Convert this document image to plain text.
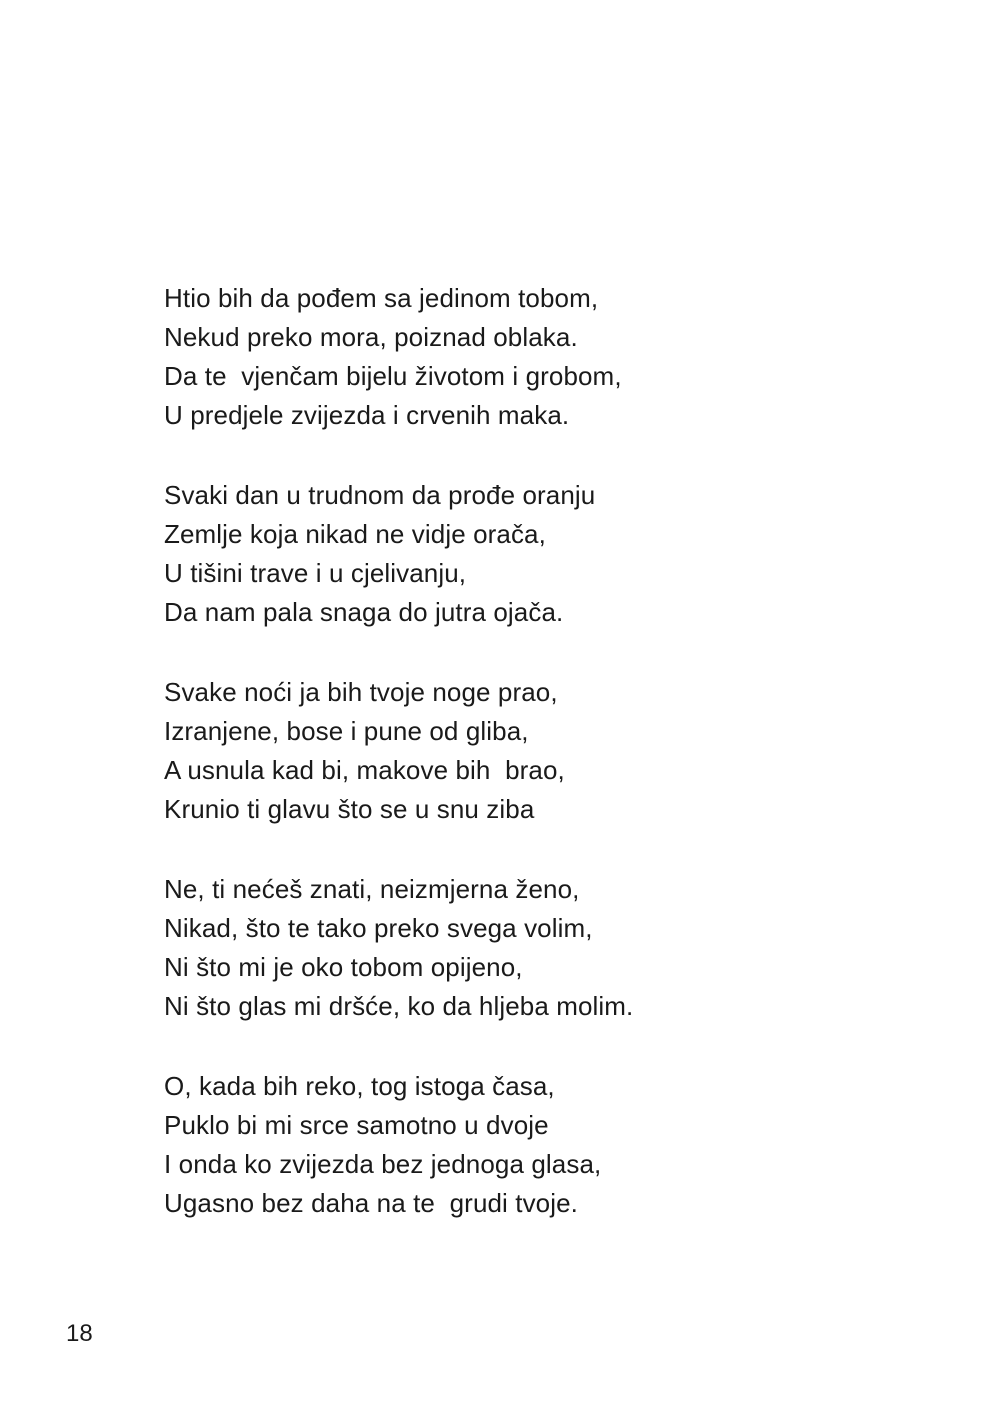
Htio bih da pođem sa jedinom tobom,
Nekud preko mora, poiznad oblaka.
Da te  vjenčam bijelu životom i grobom,
U predjele zvijezda i crvenih maka.
Svaki dan u trudnom da prođe oranju
Zemlje koja nikad ne vidje orača,
U tišini trave i u cjelivanju,
Da nam pala snaga do jutra ojača.
Svake noći ja bih tvoje noge prao,
Izranjene, bose i pune od gliba,
A usnula kad bi, makove bih  brao,
Krunio ti glavu što se u snu ziba
Ne, ti nećeš znati, neizmjerna ženo,
Nikad, što te tako preko svega volim,
Ni što mi je oko tobom opijeno,
Ni što glas mi dršće, ko da hljeba molim.
O, kada bih reko, tog istoga časa,
Puklo bi mi srce samotno u dvoje
I onda ko zvijezda bez jednoga glasa,
Ugasno bez daha na te  grudi tvoje.
18
